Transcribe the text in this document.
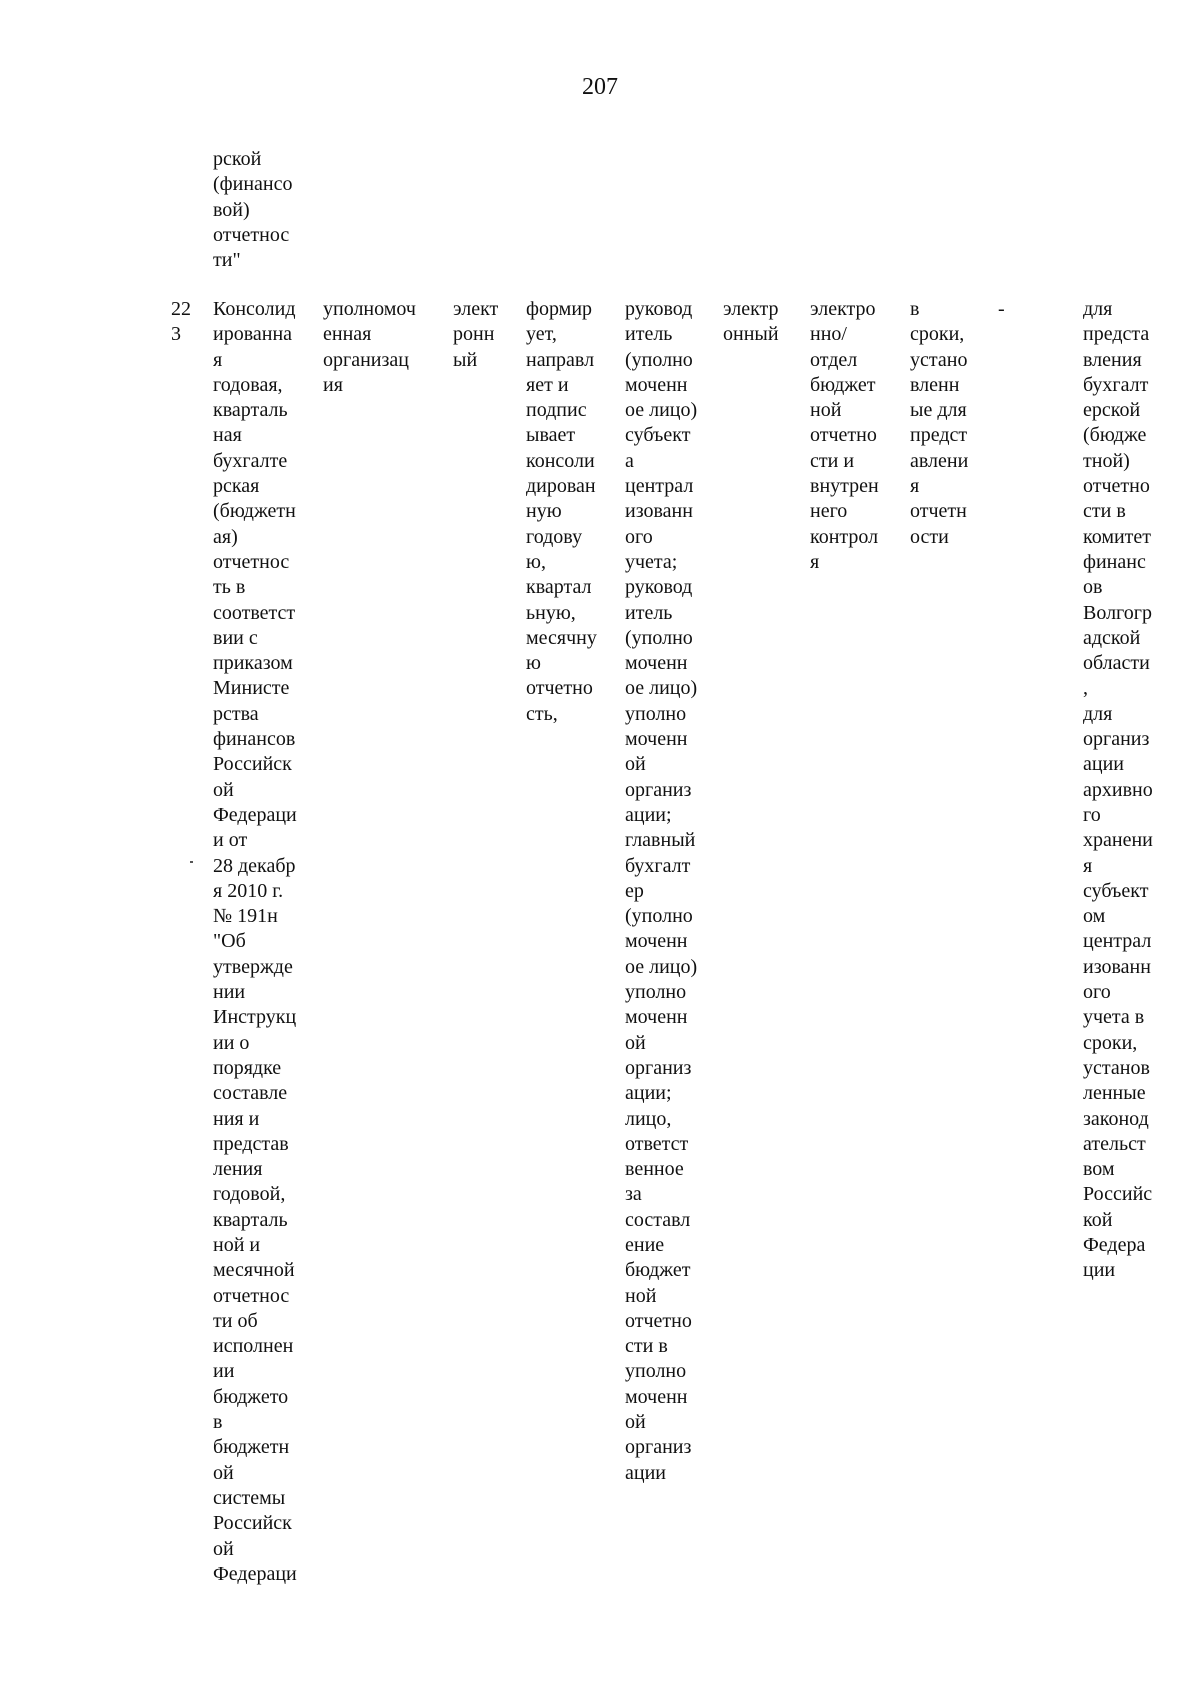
207
рской
(финансо
вой)
отчетнос
ти"
22
3
Консолид
ированна
я
годовая,
кварталь
ная
бухгалте
рская
(бюджетн
ая)
отчетнос
ть в
соответст
вии с
приказом
Министе
рства
финансов
Российск
ой
Федераци
и от
28 декабр
я 2010 г.
№ 191н
"Об
утвержде
нии
Инструкц
ии о
порядке
составле
ния и
представ
ления
годовой,
кварталь
ной и
месячной
отчетнос
ти об
исполнен
ии
бюджето
в
бюджетн
ой
системы
Российск
ой
Федераци
уполномоч
енная
организац
ия
элект
ронн
ый
формир
ует,
направл
яет и
подпис
ывает
консоли
дирован
ную
годову
ю,
квартал
ьную,
месячну
ю
отчетно
сть,
руковод
итель
(уполно
моченн
ое лицо)
субъект
а
централ
изованн
ого
учета;
руковод
итель
(уполно
моченн
ое лицо)
уполно
моченн
ой
организ
ации;
главный
бухгалт
ер
(уполно
моченн
ое лицо)
уполно
моченн
ой
организ
ации;
лицо,
ответст
венное
за
составл
ение
бюджет
ной
отчетно
сти в
уполно
моченн
ой
организ
ации
электр
онный
электро
нно/
отдел
бюджет
ной
отчетно
сти и
внутрен
него
контрол
я
в
сроки,
устано
вленн
ые для
предст
авлени
я
отчетн
ости
-	для
предста
вления
бухгалт
ерской
(бюдже
тной)
отчетно
сти в
комитет
финанс
ов
Волгогр
адской
области
,
для
организ
ации
архивно
го
хранени
я
субъект
ом
централ
изованн
ого
учета в
сроки,
установ
ленные
законод
ательст
вом
Российс
кой
Федера
ции
